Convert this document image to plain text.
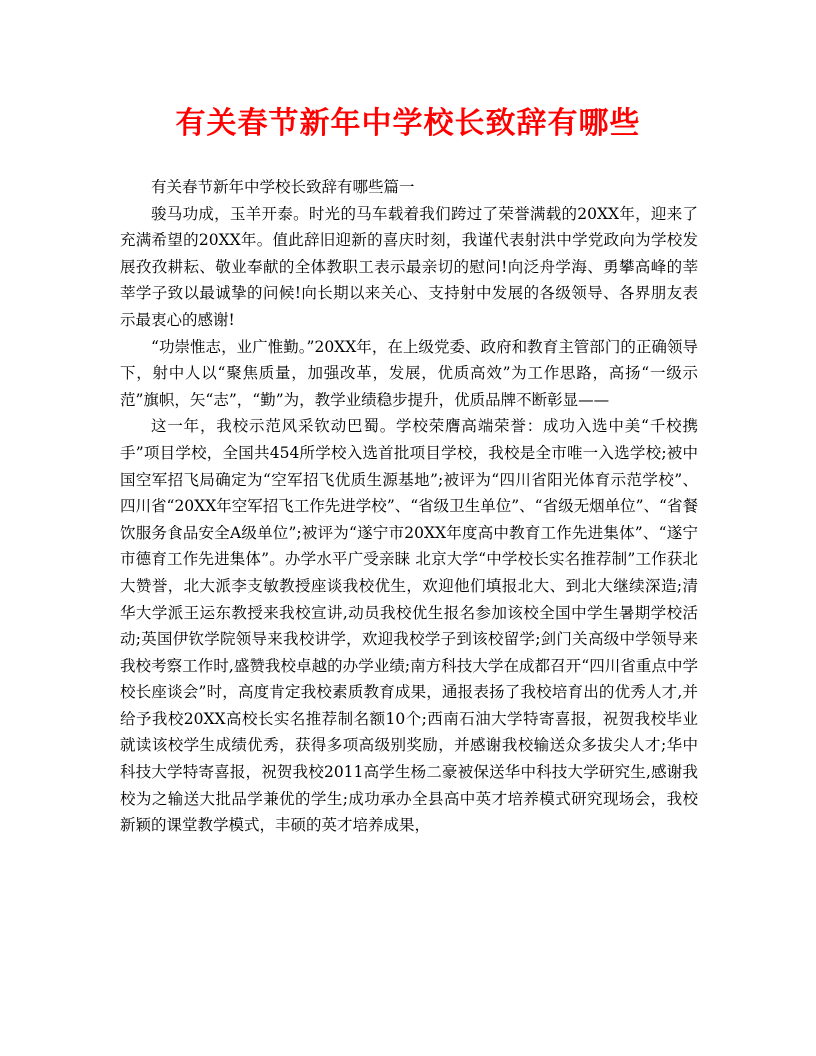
有关春节新年中学校长致辞有哪些

有关春节新年中学校长致辞有哪些篇一

骏马功成，玉羊开泰。时光的马车载着我们跨过了荣誉满载的20XX年，迎来了充满希望的20XX年。值此辞旧迎新的喜庆时刻，我谨代表射洪中学党政向为学校发展孜孜耕耘、敬业奉献的全体教职工表示最亲切的慰问!向泛舟学海、勇攀高峰的莘莘学子致以最诚挚的问候!向长期以来关心、支持射中发展的各级领导、各界朋友表示最衷心的感谢!

“功崇惟志，业广惟勤。”20XX年，在上级党委、政府和教育主管部门的正确领导下，射中人以“聚焦质量，加强改革，发展，优质高效”为工作思路，高扬“一级示范”旗帜，矢“志”，“勤”为，教学业绩稳步提升，优质品牌不断彰显——

这一年，我校示范风采钦动巴蜀。学校荣膺高端荣誉：成功入选中美“千校携手”项目学校，全国共454所学校入选首批项目学校，我校是全市唯一入选学校;被中国空军招飞局确定为“空军招飞优质生源基地”;被评为“四川省阳光体育示范学校”、四川省“20XX年空军招飞工作先进学校”、“省级卫生单位”、“省级无烟单位”、“省餐饮服务食品安全A级单位”;被评为“遂宁市20XX年度高中教育工作先进集体”、“遂宁市德育工作先进集体”。办学水平广受亲睐 北京大学“中学校长实名推荐制”工作获北大赞誉，北大派李支敏教授座谈我校优生，欢迎他们填报北大、到北大继续深造;清华大学派王运东教授来我校宣讲,动员我校优生报名参加该校全国中学生暑期学校活动;英国伊钦学院领导来我校讲学，欢迎我校学子到该校留学;剑门关高级中学领导来我校考察工作时,盛赞我校卓越的办学业绩;南方科技大学在成都召开“四川省重点中学校长座谈会”时，高度肯定我校素质教育成果，通报表扬了我校培育出的优秀人才,并给予我校20XX高校长实名推荐制名额10个;西南石油大学特寄喜报，祝贺我校毕业就读该校学生成绩优秀，获得多项高级别奖励，并感谢我校输送众多拔尖人才;华中科技大学特寄喜报，祝贺我校2011高学生杨二豪被保送华中科技大学研究生,感谢我校为之输送大批品学兼优的学生;成功承办全县高中英才培养模式研究现场会，我校新颖的课堂教学模式，丰硕的英才培养成果，
